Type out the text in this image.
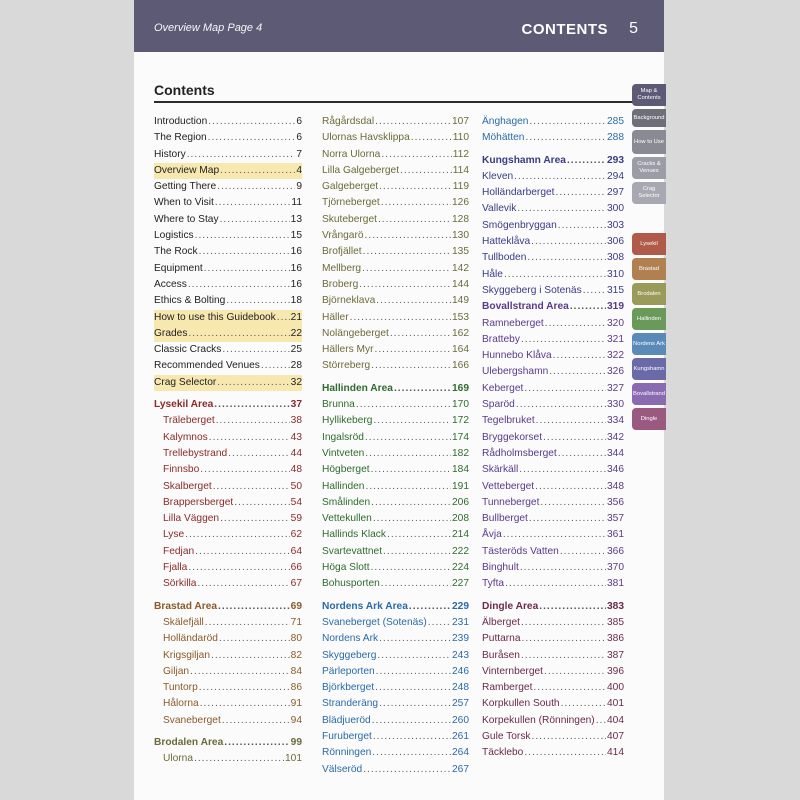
Overview Map Page 4	CONTENTS 5
Contents
Introduction .....	6
The Region .....	6
History .....	7
Overview Map .....	4
Getting There .....	9
When to Visit .....	11
Where to Stay .....	13
Logistics .....	15
The Rock .....	16
Equipment .....	16
Access .....	16
Ethics & Bolting .....	18
How to use this Guidebook ..... 21
Grades .....	22
Classic Cracks .....	25
Recommended Venues .....	28
Crag Selector .....	32
Lysekil Area .....	37
Träleberget .....	38
Kalymnos .....	43
Trellebystrand .....	44
Finnsbo .....	48
Skalberget .....	50
Brappersberget .....	54
Lilla Väggen .....	59
Lyse .....	62
Fedjan .....	64
Fjalla .....	66
Sörkilla .....	67
Brastad Area .....	69
Skälefjäll .....	71
Holländaröd .....	80
Krigsgiljan .....	82
Giljan .....	84
Tuntorp .....	86
Hålorna .....	91
Svaneberget .....	94
Brodalen Area .....	99
Ulorna .....	101
Rågårdsdal .....	107
Ulornas Havsklippa .....	110
Norra Ulorna .....	112
Lilla Galgeberget .....	114
Galgeberget .....	119
Tjörneberget .....	126
Skuteberget .....	128
Vrångarö .....	130
Brofjället .....	135
Mellberg .....	142
Broberg .....	144
Björneklava .....	149
Häller .....	153
Nolängeberget .....	162
Hällers Myr .....	164
Störreberg .....	166
Hallinden Area .....	169
Brunna .....	170
Hyllikeberg .....	172
Ingalsröd .....	174
Vintveten .....	182
Högberget .....	184
Hallinden .....	191
Smålinden .....	206
Vettekullen .....	208
Hallinds Klack .....	214
Svartevattnet .....	222
Höga Slott .....	224
Bohusporten .....	227
Nordens Ark Area .....	229
Svaneberget (Sotenäs) ..... 231
Nordens Ark .....	239
Skyggeberg .....	243
Pärleporten .....	246
Björkberget .....	248
Stranderäng .....	257
Blädjueröd .....	260
Furuberget .....	261
Rönningen .....	264
Välseröd .....	267
Änghagen .....	285
Möhätten .....	288
Kungshamn Area .....	293
Kleven .....	294
Holländarberget .....	297
Vallevik .....	300
Smögenbryggan .....	303
Hatteklåva .....	306
Tullboden .....	308
Håle .....	310
Skyggeberg i Sotenäs ..... 315
Bovallstrand Area .....	319
Ramneberget .....	320
Bratteby .....	321
Hunnebo Klåva .....	322
Ulebergshamn .....	326
Keberget .....	327
Sparöd .....	330
Tegelbruket .....	334
Bryggekorset .....	342
Rådholmsberget .....	344
Skärkäll .....	346
Vetteberget .....	348
Tunneberget .....	356
Bullberget .....	357
Åvja .....	361
Tästeröds Vatten .....	366
Binghult .....	370
Tyfta .....	381
Dingle Area .....	383
Älberget .....	385
Puttarna .....	386
Buråsen .....	387
Vinternberget .....	396
Ramberget .....	400
Korpkullen South .....	401
Korpekullen (Rönningen) ..... 404
Gule Torsk .....	407
Täcklebo .....	414
Map & Contents
Background
How to Use
Cracks & Venues
Crag Selector
Lysekil
Brastad
Brodalen
Hallinden
Nordens Ark
Kungshamn
Bovallstrand
Dingle
